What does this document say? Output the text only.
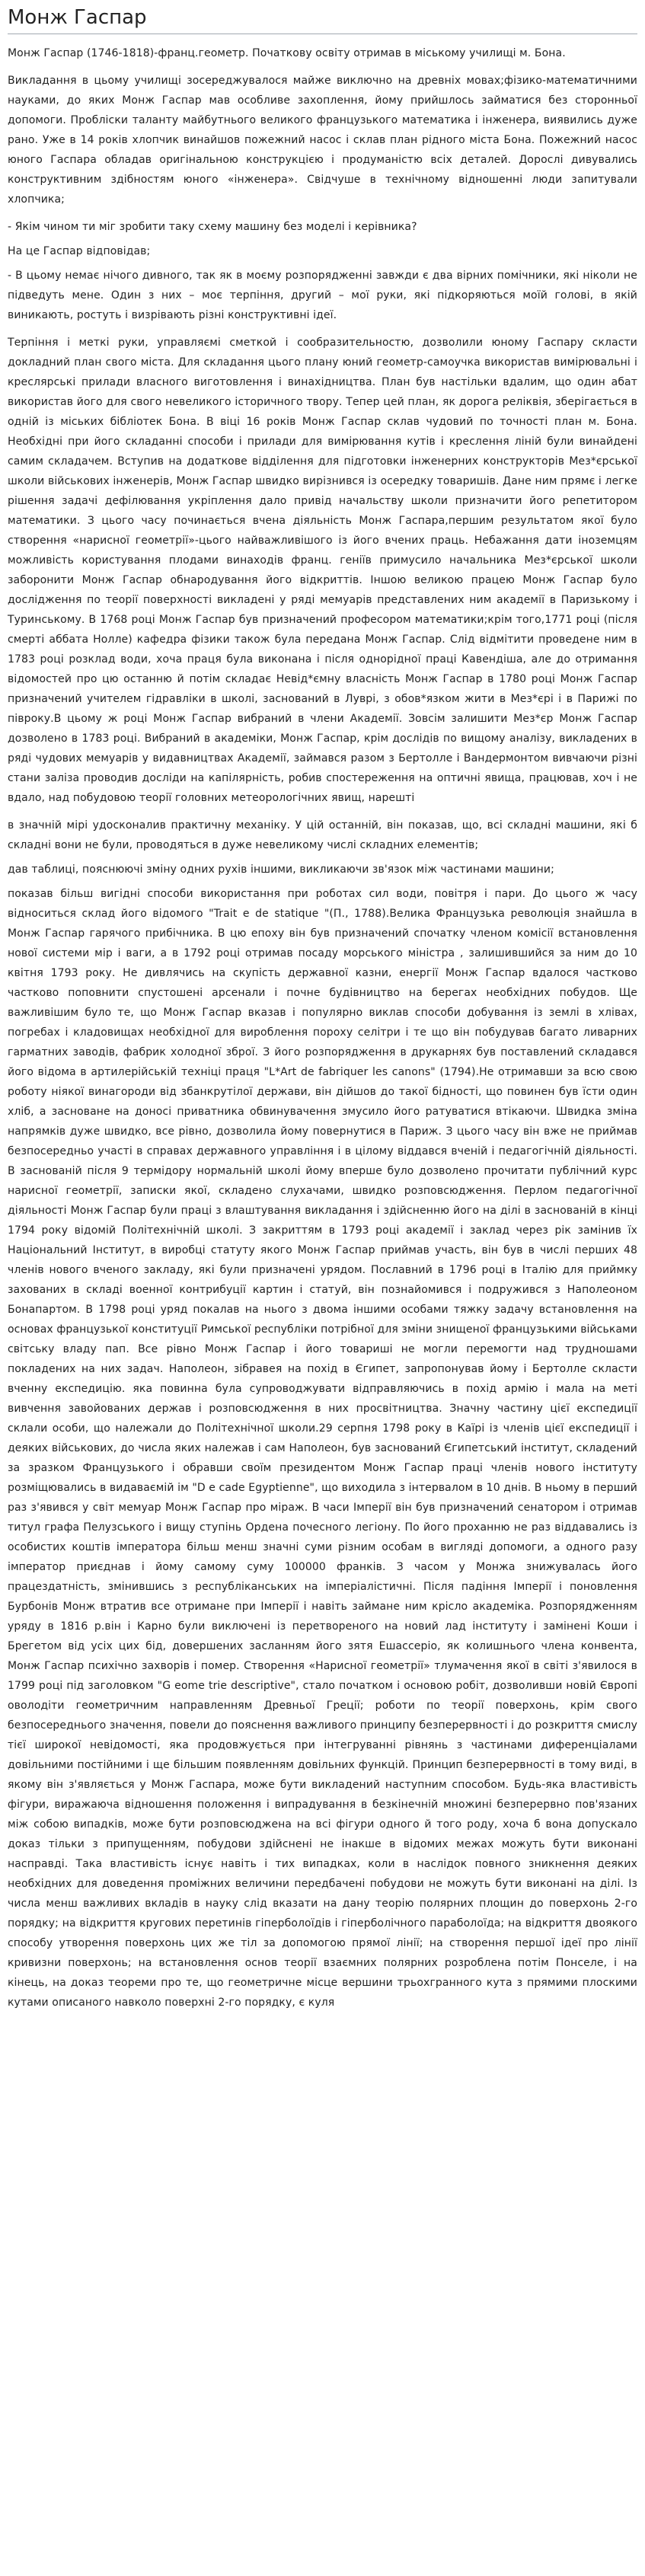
Монж Гаспар

Монж Гаспар (1746-1818)-франц.геометр. Початкову освіту отримав в міському училищі м. Бона.

Викладання в цьому училищі зосереджувалося майже виключно на древніх мовах;фізико-математичними науками, до яких Монж Гаспар мав особливе захоплення, йому прийшлось займатися без сторонньої допомоги. Пробліски таланту майбутнього великого французького математика і інженера, виявились дуже рано. Уже в 14 років хлопчик винайшов пожежний насос і склав план рідного міста Бона. Пожежний насос юного Гаспара обладав оригінальною конструкцією і продуманістю всіх деталей. Дорослі дивувались конструктивним здібностям юного «інженера». Свідчуше в технічному відношенні люди запитували хлопчика;

- Якім чином ти міг зробити таку схему машину без моделі і керівника?

На це Гаспар відповідав;

- В цьому немає нічого дивного, так як в моєму розпорядженні завжди є два вірних помічники, які ніколи не підведуть мене. Один з них – моє терпіння, другий – мої руки, які підкоряються моїй голові, в якій виникають, ростуть і визрівають різні конструктивні ідеї.

Терпіння і меткі руки, управляємі сметкой і сообразительностю, дозволили юному Гаспару скласти докладний план свого міста. Для складання цього плану юний геометр-самоучка використав вимірювальні і креслярські прилади власного виготовлення і винахідництва. План був настільки вдалим, що один абат використав його для свого невеликого історичного твору. Тепер цей план, як дорога реліквія, зберігається в одній із міських бібліотек Бона. В віці 16 років Монж Гаспар склав чудовий по точності план м. Бона. Необхідні при його складанні способи і прилади для вимірювання кутів і креслення ліній були винайдені самим складачем. Вступив на додаткове відділення для підготовки інженерних конструкторів Мез*єрської школи військових інженерів, Монж Гаспар швидко вирізнився із осередку товаришів. Дане ним прямє і легке рішення задачі дефілювання укріплення дало привід начальству школи призначити його репетитором математики. З цього часу починається вчена діяльність Монж Гаспара,першим результатом якої було створення «нарисної геометрії»-цього найважливішого із його вчених праць. Небажання дати іноземцям можливість користування плодами винаходів франц. геніїв примусило начальника Мез*єрської школи заборонити Монж Гаспар обнародування його відкриттів. Іншою великою працею Монж Гаспар було дослідження по теорії поверхності викладені у ряді мемуарів представлених ним академії в Паризькому і Туринському. В 1768 році Монж Гаспар був призначений професором математики;крім того,1771 році (після смерті аббата Нолле) кафедра фізики також була передана Монж Гаспар. Слід відмітити проведене ним в 1783 році розклад води, хоча праця була виконана і після однорідної праці Кавендіша, але до отримання відомостей про цю останню й потім складає Невід*ємну власність Монж Гаспар в 1780 році Монж Гаспар призначений учителем гідравліки в школі, заснований в Луврі, з обов*язком жити в Мез*єрі і в Парижі по півроку.В цьому ж році Монж Гаспар вибраний в члени Академії. Зовсім залишити Мез*єр Монж Гаспар дозволено в 1783 році. Вибраний в академіки, Монж Гаспар, крім дослідів по вищому аналізу, викладених в ряді чудових мемуарів у видавництвах Академії, займався разом з Бертолле і Вандермонтом вивчаючи різні стани заліза проводив досліди на капілярність, робив спостереження на оптичні явища, працював, хоч і не вдало, над побудовою теорії головних метеорологічних явищ, нарешті

в значній мірі удосконалив практичну механіку. У цій останній, він показав, що, всі складні машини, які б складні вони не були, проводяться в дуже невеликому числі складних елементів;

дав таблиці, пояснюючі зміну одних рухів іншими, викликаючи зв'язок між частинами машини;

показав більш вигідні способи використання при роботах сил води, повітря і пари. До цього ж часу відноситься склад його відомого "Trait e de statique "(П., 1788).Велика Французька революція знайшла в Монж Гаспар гарячого прибічника. В цю епоху він був призначений спочатку членом комісії встановлення нової системи мір і ваги, а в 1792 році отримав посаду морського міністра , залишившийся за ним до 10 квітня 1793 року. Не дивлячись на скупість державної казни, енергії Монж Гаспар вдалося частково частково поповнити спустошені арсенали і почне будівництво на берегах необхідних побудов. Ще важливішим було те, що Монж Гаспар вказав і популярно виклав способи добування із землі в хлівах, погребах і кладовищах необхідної для вироблення пороху селітри і те що він побудував багато ливарних гарматних заводів, фабрик холодної зброї. З його розпорядження в друкарнях був поставлений складався його відома в артилерійській техніці праця "L*Art de fabriquer les canons" (1794).Не отримавши за всю свою роботу ніякої винагороди від збанкрутілої держави, він дійшов до такої бідності, що повинен був їсти один хліб, а засноване на доносі приватника обвинувачення змусило його ратуватися втікаючи. Швидка зміна напрямків дуже швидко, все рівно, дозволила йому повернутися в Париж. З цього часу він вже не приймав безпосередньо участі в справах державного управління і в цілому віддався вченій і педагогічній діяльності. В заснованій після 9 термідору нормальній школі йому вперше було дозволено прочитати публічний курс нарисної геометрії, записки якої, складено слухачами, швидко розповсюдження. Перлом педагогічної діяльності Монж Гаспар були праці з влаштування викладання і здійсненню його на ділі в заснованій в кінці 1794 року відомій Політехнічній школі. З закриттям в 1793 році академії і заклад через рік замінив їх Національний Інститут, в виробці статуту якого Монж Гаспар приймав участь, він був в числі перших 48 членів нового вченого закладу, які були призначені урядом. Пославний в 1796 році в Італію для приймку захованих в складі военної контрибуції картин і статуй, він познайомився і подружився з Наполеоном Бонапартом. В 1798 році уряд покалав на нього з двома іншими особами тяжку задачу встановлення на основах французької конституції Римської республіки потрібної для зміни знищеної французькими військами світську владу пап. Все рівно Монж Гаспар і його товариші не могли перемогти над трудношами покладених на них задач. Наполеон, зібравея на похід в Єгипет, запропонував йому і Бертолле скласти вченну експедицію. яка повинна була супроводжувати відправляючись в похід армію і мала на меті вивчення завойованих держав і розповсюдження в них просвітництва. Значну частину цієї експедиції склали особи, що належали до Політехнічної школи.29 серпня 1798 року в Каїрі із членів цієї експедиції і деяких військових, до числа яких належав і сам Наполеон, був заснований Єгипетський інститут, складений за зразком Французького і обравши своїм президентом Монж Гаспар праці членів нового інституту розміщювались в видаваємій ім "D e cade Egyptienne", що виходила з інтервалом в 10 днів. В ньому в перший раз з'явився у світ мемуар Монж Гаспар про міраж. В часи Імперії він був призначений сенатором і отримав титул графа Пелузського і вищу ступінь Ордена почесного легіону. По його проханню не раз віддавались із особистих коштів імператора більш менш значні суми різним особам в вигляді допомоги, а одного разу імператор приєднав і йому самому суму 100000 франків. З часом у Монжа знижувалась його працездатність, змінившись з республіканських на імперіалістичні. Після падіння Імперії і поновлення Бурбонів Монж втратив все отримане при Імперії і навіть займане ним крісло академіка. Розпорядженням уряду в 1816 р.він і Карно були виключені із перетвореного на новий лад інституту і замінені Коши і Брегетом від усіх цих бід, довершених засланням його зятя Ешассеріо, як колишнього члена конвента, Монж Гаспар психічно захворів і помер. Створення «Нарисної геометрії» тлумачення якої в світі з'явилося в 1799 році під заголовком "G eome trie descriptive", стало початком і основою робіт, дозволивши новій Європі оволодіти геометричним направленням Древньої Греції; роботи по теорії поверхонь, крім свого безпосереднього значення, повели до пояснення важливого принципу безперервності і до розкриття смислу тієї широкої невідомості, яка продовжується при інтегруванні рівнянь з частинами диференціалами довільними постійними і ще більшим появленням довільних функцій. Принцип безперервності в тому виді, в якому він з'являється у Монж Гаспара, може бути викладений наступним способом. Будь-яка властивість фігури, виражаюча відношення положення і випрадування в безкінечній множині безперервно пов'язаних між собою випадків, може бути розповсюджена на всі фігури одного й того роду, хоча б вона допускало доказ тільки з припущенням, побудови здійснені не інакше в відомих межах можуть бути виконані насправді. Така властивість існує навіть і тих випадках, коли в наслідок повного зникнення деяких необхідних для доведення проміжних величини передбачені побудови не можуть бути виконані на ділі. Із числа менш важливих вкладів в науку слід вказати на дану теорію полярних площин до поверхонь 2-го порядку; на відкриття кругових перетинів гіперболоїдів і гіперболічного параболоїда; на відкриття двоякого способу утворення поверхонь цих же тіл за допомогою прямої лінії; на створення першої ідеї про лінії кривизни поверхонь; на встановлення основ теорії взаємних полярних розроблена потім Понселе, і на кінець, на доказ теореми про те, що геометричне місце вершини трьохгранного кута з прямими плоскими кутами описаного навколо поверхні 2-го порядку, є куля
